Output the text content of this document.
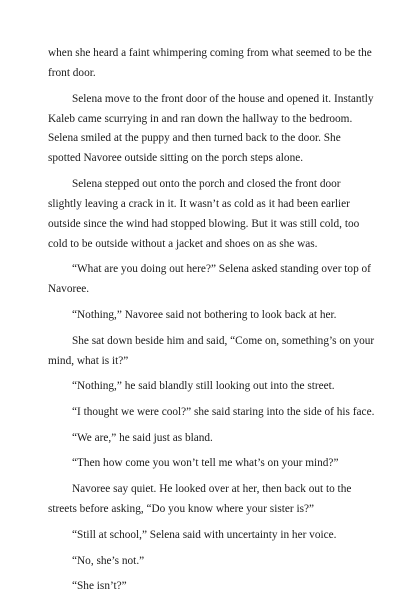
when she heard a faint whimpering coming from what seemed to be the front door.

Selena move to the front door of the house and opened it. Instantly Kaleb came scurrying in and ran down the hallway to the bedroom. Selena smiled at the puppy and then turned back to the door. She spotted Navoree outside sitting on the porch steps alone.

Selena stepped out onto the porch and closed the front door slightly leaving a crack in it. It wasn’t as cold as it had been earlier outside since the wind had stopped blowing. But it was still cold, too cold to be outside without a jacket and shoes on as she was.

“What are you doing out here?” Selena asked standing over top of Navoree.

“Nothing,” Navoree said not bothering to look back at her.

She sat down beside him and said, “Come on, something’s on your mind, what is it?”

“Nothing,” he said blandly still looking out into the street.

“I thought we were cool?” she said staring into the side of his face.

“We are,” he said just as bland.

“Then how come you won’t tell me what’s on your mind?”

Navoree say quiet. He looked over at her, then back out to the streets before asking, “Do you know where your sister is?”

“Still at school,” Selena said with uncertainty in her voice.

“No, she’s not.”

“She isn’t?”
